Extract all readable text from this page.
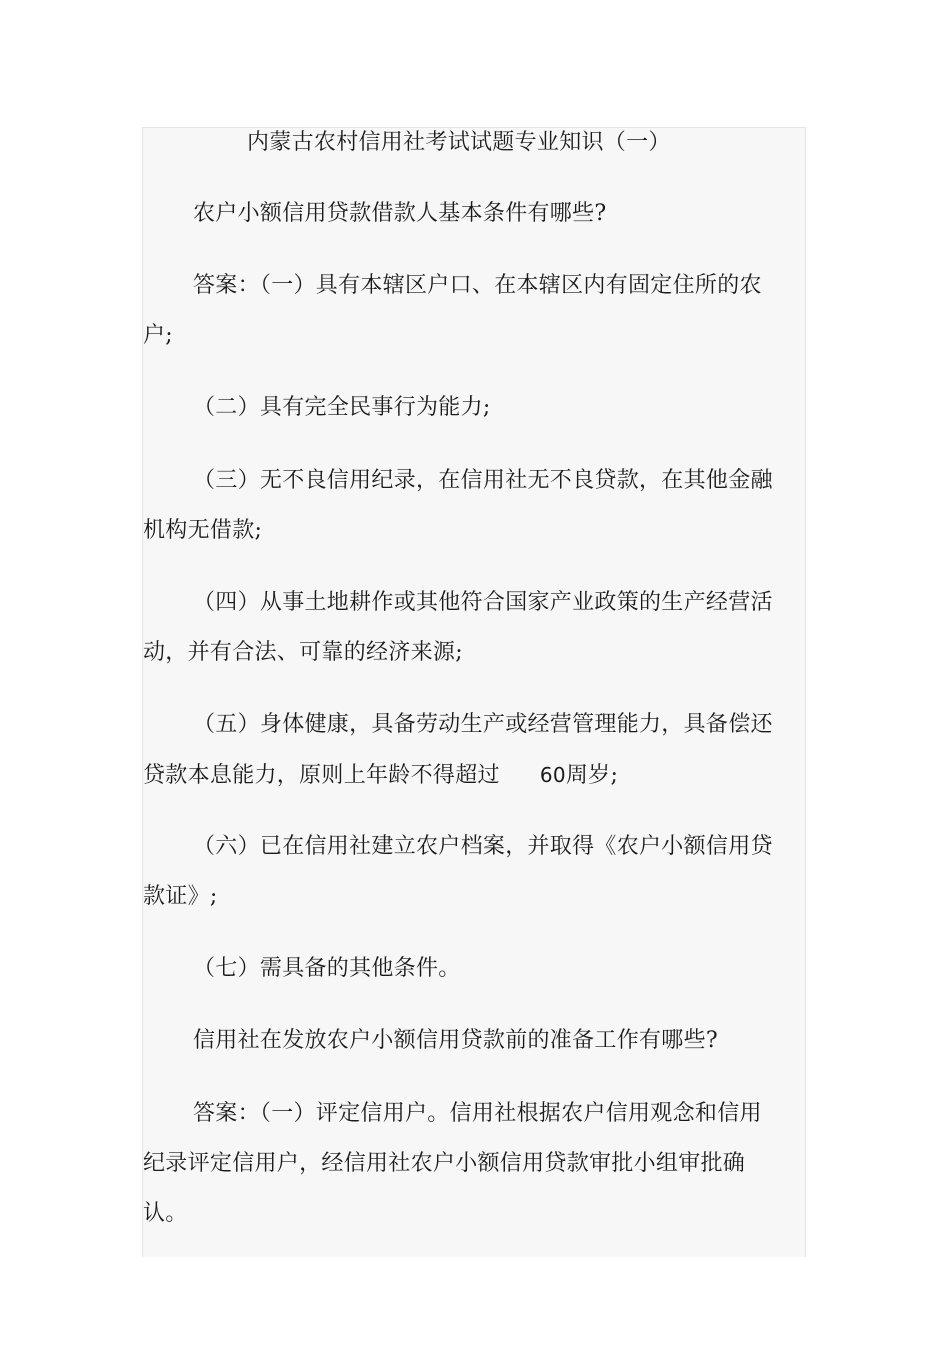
内蒙古农村信用社考试试题专业知识（一）
农户小额信用贷款借款人基本条件有哪些?
答案：（一）具有本辖区户口、在本辖区内有固定住所的农
户;
（二）具有完全民事行为能力;
（三）无不良信用纪录，在信用社无不良贷款，在其他金融
机构无借款;
（四）从事土地耕作或其他符合国家产业政策的生产经营活
动，并有合法、可靠的经济来源;
（五）身体健康，具备劳动生产或经营管理能力，具备偿还
贷款本息能力，原则上年龄不得超过 60周岁;
（六）已在信用社建立农户档案，并取得《农户小额信用贷
款证》;
（七）需具备的其他条件。
信用社在发放农户小额信用贷款前的准备工作有哪些?
答案：（一）评定信用户。信用社根据农户信用观念和信用
纪录评定信用户，经信用社农户小额信用贷款审批小组审批确
认。
